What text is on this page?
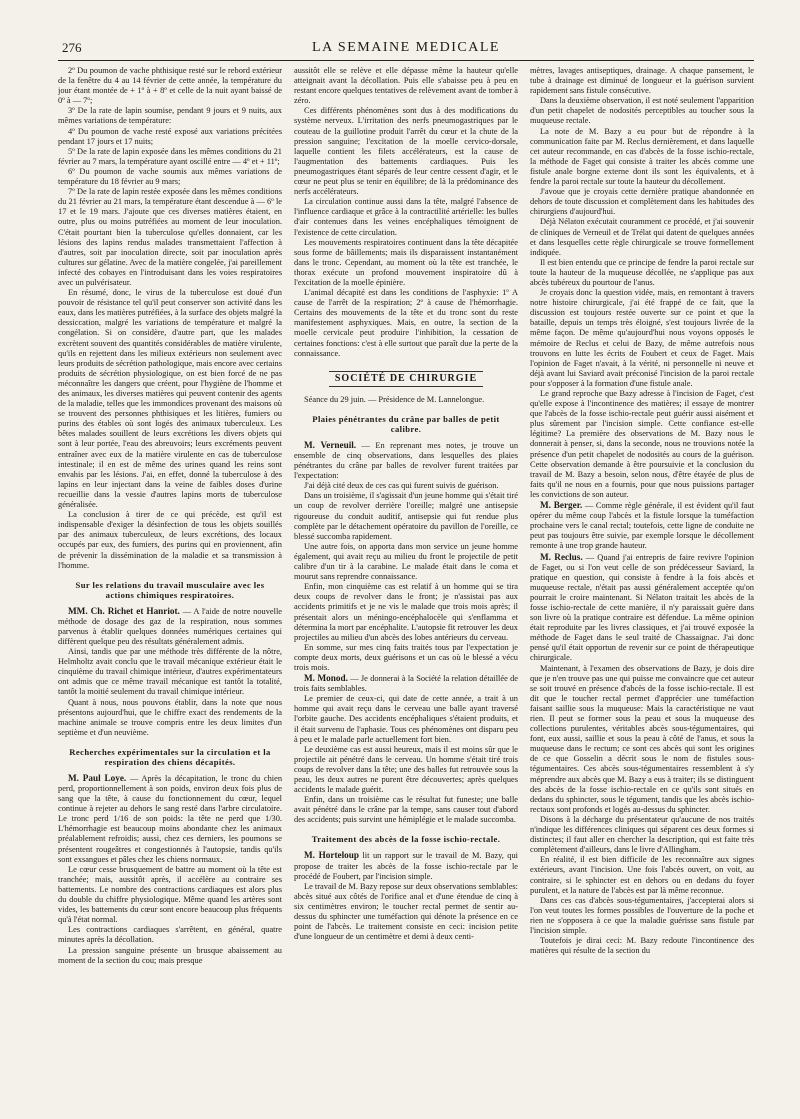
276	LA SEMAINE MEDICALE

2º Du poumon de vache phthisique resté sur le rebord extérieur de la fenêtre du 4 au 14 février de cette année, la température du jour étant montée de + 1º à + 8º et celle de la nuit ayant baissé de 0º à — 7º;

3º De la rate de lapin soumise, pendant 9 jours et 9 nuits, aux mêmes variations de température:

4º Du poumon de vache resté exposé aux variations précitées pendant 17 jours et 17 nuits;

5º De la rate de lapin exposée dans les mêmes conditions du 21 février au 7 mars, la température ayant oscillé entre — 4º et + 11º;

6º Du poumon de vache soumis aux mêmes variations de température du 18 février au 9 mars;

7º De la rate de lapin restée exposée dans les mêmes conditions du 21 février au 21 mars, la température étant descendue à — 6º le 17 et le 19 mars. J'ajoute que ces diverses matières étaient, en outre, plus ou moins putréfiées au moment de leur inoculation. C'était pourtant bien la tuberculose qu'elles donnaient, car les lésions des lapins rendus malades transmettaient l'affection à d'autres, soit par inoculation directe, soit par inoculation après cultures sur gélatine. Avec de la matière congelée, j'ai pareillement infecté des cobayes en l'introduisant dans les voies respiratoires avec un pulvérisateur.

En résumé, donc, le virus de la tuberculose est doué d'un pouvoir de résistance tel qu'il peut conserver son activité dans les eaux, dans les matières putréfiées, à la surface des objets malgré la dessiccation, malgré les variations de température et malgré la congélation. Si on considère, d'autre part, que les malades excrètent souvent des quantités considérables de matière virulente, qu'ils en rejettent dans les milieux extérieurs non seulement avec leurs produits de sécrétion pathologique, mais encore avec certains produits de sécrétion physiologique, on est bien forcé de ne pas méconnaître les dangers que créent, pour l'hygiène de l'homme et des animaux, les diverses matières qui peuvent contenir des agents de la maladie, telles que les immondices provenant des maisons où se trouvent des personnes phthisiques et les litières, fumiers ou purins des étables où sont logés des animaux tuberculeux. Les bêtes malades souillent de leurs excrétions les divers objets qui sont à leur portée, l'eau des abreuvoirs; leurs excréments peuvent entraîner avec eux de la matière virulente en cas de tuberculose intestinale; il en est de même des urines quand les reins sont envahis par les lésions. J'ai, en effet, donné la tuberculose à des lapins en leur injectant dans la veine de faibles doses d'urine recueillie dans la vessie d'autres lapins morts de tuberculose généralisée.

La conclusion à tirer de ce qui précède, est qu'il est indispensable d'exiger la désinfection de tous les objets souillés par des animaux tuberculeux, de leurs excrétions, des locaux occupés par eux, des fumiers, des purins qui en proviennent, afin de prévenir la dissémination de la maladie et sa transmission à l'homme.

Sur les relations du travail musculaire avec les actions chimiques respiratoires.

MM. Ch. Richet et Hanriot. — A l'aide de notre nouvelle méthode de dosage des gaz de la respiration, nous sommes parvenus à établir quelques données numériques certaines qui diffèrent quelque peu des résultats généralement admis.

Ainsi, tandis que par une méthode très différente de la nôtre, Helmholtz avait conclu que le travail mécanique extérieur était le cinquième du travail chimique intérieur, d'autres expérimentateurs ont admis que ce même travail mécanique est tantôt la totalité, tantôt la moitié seulement du travail chimique intérieur.

Quant à nous, nous pouvons établir, dans la note que nous présentons aujourd'hui, que le chiffre exact des rendements de la machine animale se trouve compris entre les deux limites d'un septième et d'un neuvième.

Recherches expérimentales sur la circulation et la respiration des chiens décapités.

M. Paul Loye. — Après la décapitation, le tronc du chien perd, proportionnellement à son poids, environ deux fois plus de sang que la tête, à cause du fonctionnement du cœur, lequel continue à rejeter au dehors le sang resté dans l'arbre circulatoire. Le tronc perd 1/16 de son poids: la tête ne perd que 1/30. L'hémorrhagie est beaucoup moins abondante chez les animaux préalablement refroidis; aussi, chez ces derniers, les poumons se présentent rougeâtres et congestionnés à l'autopsie, tandis qu'ils sont exsangues et pâles chez les chiens normaux.

Le cœur cesse brusquement de battre au moment où la tête est tranchée; mais, aussitôt après, il accélère au contraire ses battements. Le nombre des contractions cardiaques est alors plus du double du chiffre physiologique. Même quand les artères sont vides, les battements du cœur sont encore beaucoup plus fréquents qu'à l'état normal.

Les contractions cardiaques s'arrêtent, en général, quatre minutes après la décollation.

La pression sanguine présente un brusque abaissement au moment de la section du cou; mais presque

aussitôt elle se relève et elle dépasse même la hauteur qu'elle atteignait avant la décollation. Puis elle s'abaisse peu à peu en restant encore quelques tentatives de relèvement avant de tomber à zéro.

Ces différents phénomènes sont dus à des modifications du système nerveux. L'irritation des nerfs pneumogastriques par le couteau de la guillotine produit l'arrêt du cœur et la chute de la pression sanguine; l'excitation de la moelle cervico-dorsale, laquelle contient les filets accélérateurs, est la cause de l'augmentation des battements cardiaques. Puis les pneumogastriques étant séparés de leur centre cessent d'agir, et le cœur ne peut plus se tenir en équilibre; de là la prédominance des nerfs accélérateurs.

La circulation continue aussi dans la tête, malgré l'absence de l'influence cardiaque et grâce à la contractilité artérielle: les bulles d'air contenues dans les veines encéphaliques témoignent de l'existence de cette circulation.

Les mouvements respiratoires continuent dans la tête décapitée sous forme de bâillements; mais ils disparaissent instantanément dans le tronc. Cependant, au moment où la tête est tranchée, le thorax exécute un profond mouvement inspiratoire dû à l'excitation de la moelle épinière.

L'animal décapité est dans les conditions de l'asphyxie: 1º A cause de l'arrêt de la respiration; 2º à cause de l'hémorrhagie. Certains des mouvements de la tête et du tronc sont du reste manifestement asphyxiques. Mais, en outre, la section de la moelle cervicale peut produire l'inhibition, la cessation de certaines fonctions: c'est à elle surtout que paraît due la perte de la connaissance.

SOCIÉTÉ DE CHIRURGIE

Séance du 29 juin. — Présidence de M. Lannelongue.

Plaies pénétrantes du crâne par balles de petit calibre.

M. Verneuil. — En reprenant mes notes, je trouve un ensemble de cinq observations, dans lesquelles des plaies pénétrantes du crâne par balles de revolver furent traitées par l'expectation:

J'ai déjà cité deux de ces cas qui furent suivis de guérison.

Dans un troisième, il s'agissait d'un jeune homme qui s'était tiré un coup de revolver derrière l'oreille; malgré une antisepsie rigoureuse du conduit auditif, antisepsie qui fut rendue plus complète par le détachement opératoire du pavillon de l'oreille, ce blessé succomba rapidement.

Une autre fois, on apporta dans mon service un jeune homme également, qui avait reçu au milieu du front le projectile de petit calibre d'un tir à la carabine. Le malade était dans le coma et mourut sans reprendre connaissance.

Enfin, mon cinquième cas est relatif à un homme qui se tira deux coups de revolver dans le front; je n'assistai pas aux accidents primitifs et je ne vis le malade que trois mois après; il présentait alors un méningo-encéphalocèle qui s'enflamma et détermina la mort par encéphalite. L'autopsie fit retrouver les deux projectiles au milieu d'un abcès des lobes antérieurs du cerveau.

En somme, sur mes cinq faits traités tous par l'expectation je compte deux morts, deux guérisons et un cas où le blessé a vécu trois mois.

M. Monod. — Je donnerai à la Société la relation détaillée de trois faits semblables.

Le premier de ceux-ci, qui date de cette année, a trait à un homme qui avait reçu dans le cerveau une balle ayant traversé l'orbite gauche. Des accidents encéphaliques s'étaient produits, et il était survenu de l'aphasie. Tous ces phénomènes ont disparu peu à peu et le malade parle actuellement fort bien.

Le deuxième cas est aussi heureux, mais il est moins sûr que le projectile ait pénétré dans le cerveau. Un homme s'était tiré trois coups de revolver dans la tête; une des balles fut retrouvée sous la peau, les deux autres ne purent être découvertes; après quelques accidents le malade guérit.

Enfin, dans un troisième cas le résultat fut funeste; une balle avait pénétré dans le crâne par la tempe, sans causer tout d'abord des accidents; puis survint une hémiplégie et le malade succomba.

Traitement des abcès de la fosse ischio-rectale.

M. Horteloup lit un rapport sur le travail de M. Bazy, qui propose de traiter les abcès de la fosse ischio-rectale par le procédé de Foubert, par l'incision simple.

Le travail de M. Bazy repose sur deux observations semblables: abcès situé aux côtés de l'orifice anal et d'une étendue de cinq à six centimètres environ; le toucher rectal permet de sentir au-dessus du sphincter une tuméfaction qui dénote la présence en ce point de l'abcès. Le traitement consiste en ceci: incision petite d'une longueur de un centimètre et demi à deux centi-

mètres, lavages antiseptiques, drainage. A chaque pansement, le tube à drainage est diminué de longueur et la guérison survient rapidement sans fistule consécutive.

Dans la deuxième observation, il est noté seulement l'apparition d'un petit chapelet de nodosités perceptibles au toucher sous la muqueuse rectale.

La note de M. Bazy a eu pour but de répondre à la communication faite par M. Reclus dernièrement, et dans laquelle cet auteur recommande, en cas d'abcès de la fosse ischio-rectale, la méthode de Faget qui consiste à traiter les abcès comme une fistule anale borgne externe dont ils sont les équivalents, et à fendre la paroi rectale sur toute la hauteur du décollement.

J'avoue que je croyais cette dernière pratique abandonnée en dehors de toute discussion et complètement dans les habitudes des chirurgiens d'aujourd'hui.

Déjà Nélaton exécutait couramment ce procédé, et j'ai souvenir de cliniques de Verneuil et de Trélat qui datent de quelques années et dans lesquelles cette règle chirurgicale se trouve formellement indiquée.

Il est bien entendu que ce principe de fendre la paroi rectale sur toute la hauteur de la muqueuse décollée, ne s'applique pas aux abcès tubéreux du pourtour de l'anus.

Je croyais donc la question vidée, mais, en remontant à travers notre histoire chirurgicale, j'ai été frappé de ce fait, que la discussion est toujours restée ouverte sur ce point et que la bataille, depuis un temps très éloigné, s'est toujours livrée de la même façon. De même qu'aujourd'hui nous voyons opposés le mémoire de Reclus et celui de Bazy, de même autrefois nous trouvons en lutte les écrits de Foubert et ceux de Faget. Mais l'opinion de Faget n'avait, à la vérité, ni personnelle ni neuve et déjà avant lui Saviard avait préconisé l'incision de la paroi rectale pour s'opposer à la formation d'une fistule anale.

Le grand reproche que Bazy adresse à l'incision de Faget, c'est qu'elle expose à l'incontinence des matières; il essaye de montrer que l'abcès de la fosse ischio-rectale peut guérir aussi aisément et plus sûrement par l'incision simple. Cette confiance est-elle légitime? La première des observations de M. Bazy nous le donnerait à penser, si, dans la seconde, nous ne trouvions notée la présence d'un petit chapelet de nodosités au cours de la guérison. Cette observation demande à être poursuivie et la conclusion du travail de M. Bazy a besoin, selon nous, d'être étayée de plus de faits qu'il ne nous en a fournis, pour que nous puissions partager les convictions de son auteur.

M. Berger. — Comme règle générale, il est évident qu'il faut opérer du même coup l'abcès et la fistule lorsque la tuméfaction prochaine vers le canal rectal; toutefois, cette ligne de conduite ne peut pas toujours être suivie, par exemple lorsque le décollement remonte à une trop grande hauteur.

M. Reclus. — Quand j'ai entrepris de faire revivre l'opinion de Faget, ou si l'on veut celle de son prédécesseur Saviard, la pratique en question, qui consiste à fendre à la fois abcès et muqueuse rectale, n'était pas aussi généralement acceptée qu'on pourrait le croire maintenant. Si Nélaton traitait les abcès de la fosse ischio-rectale de cette manière, il n'y paraissait guère dans son livre où la pratique contraire est défendue. La même opinion était reproduite par les livres classiques, et j'ai trouvé exposée la méthode de Faget dans le seul traité de Chassaignac. J'ai donc pensé qu'il était opportun de revenir sur ce point de thérapeutique chirurgicale.

Maintenant, à l'examen des observations de Bazy, je dois dire que je n'en trouve pas une qui puisse me convaincre que cet auteur se soit trouvé en présence d'abcès de la fosse ischio-rectale. Il est dit que le toucher rectal permet d'apprécier une tuméfaction faisant saillie sous la muqueuse: Mais la caractéristique ne vaut rien. Il peut se former sous la peau et sous la muqueuse des collections purulentes, véritables abcès sous-tégumentaires, qui font, eux aussi, saillie et sous la peau à côté de l'anus, et sous la muqueuse dans le rectum; ce sont ces abcès qui sont les origines de ce que Gosselin a décrit sous le nom de fistules sous-tégumentaires. Ces abcès sous-tégumentaires ressemblent à s'y méprendre aux abcès que M. Bazy a eus à traiter; ils se distinguent des abcès de la fosse ischio-rectale en ce qu'ils sont situés en dedans du sphincter, sous le tégument, tandis que les abcès ischio-rectaux sont profonds et logés au-dessus du sphincter.

Disons à la décharge du présentateur qu'aucune de nos traités n'indique les différences cliniques qui séparent ces deux formes si distinctes; il faut aller en chercher la description, qui est faite très complètement d'ailleurs, dans le livre d'Allingham.

En réalité, il est bien difficile de les reconnaître aux signes extérieurs, avant l'incision. Une fois l'abcès ouvert, on voit, au contraire, si le sphincter est en dehors ou en dedans du foyer purulent, et la nature de l'abcès est par là même reconnue.

Dans ces cas d'abcès sous-tégumentaires, j'accepterai alors si l'on veut toutes les formes possibles de l'ouverture de la poche et rien ne s'opposera à ce que la maladie guérisse sans fistule par l'incision simple.

Toutefois je dirai ceci: M. Bazy redoute l'incontinence des matières qui résulte de la section du
